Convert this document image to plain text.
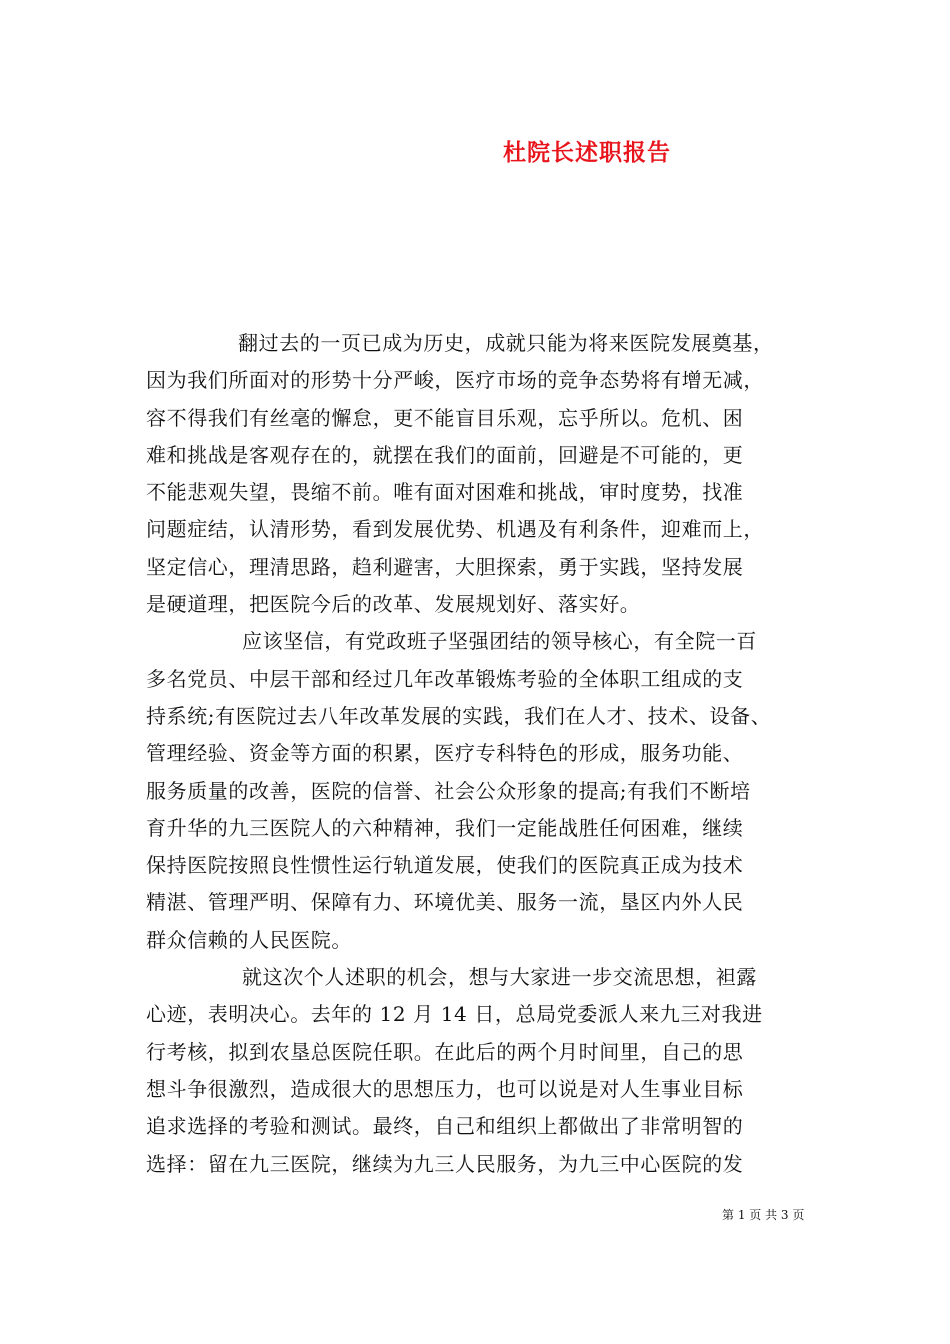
杜院长述职报告
翻过去的一页已成为历史，成就只能为将来医院发展奠基，
因为我们所面对的形势十分严峻，医疗市场的竞争态势将有增无减，
容不得我们有丝毫的懈怠，更不能盲目乐观，忘乎所以。危机、困
难和挑战是客观存在的，就摆在我们的面前，回避是不可能的，更
不能悲观失望，畏缩不前。唯有面对困难和挑战，审时度势，找准
问题症结，认清形势，看到发展优势、机遇及有利条件，迎难而上，
坚定信心，理清思路，趋利避害，大胆探索，勇于实践，坚持发展
是硬道理，把医院今后的改革、发展规划好、落实好。
应该坚信，有党政班子坚强团结的领导核心，有全院一百
多名党员、中层干部和经过几年改革锻炼考验的全体职工组成的支
持系统;有医院过去八年改革发展的实践，我们在人才、技术、设备、
管理经验、资金等方面的积累，医疗专科特色的形成，服务功能、
服务质量的改善，医院的信誉、社会公众形象的提高;有我们不断培
育升华的九三医院人的六种精神，我们一定能战胜任何困难，继续
保持医院按照良性惯性运行轨道发展，使我们的医院真正成为技术
精湛、管理严明、保障有力、环境优美、服务一流，垦区内外人民
群众信赖的人民医院。
就这次个人述职的机会，想与大家进一步交流思想，袒露
心迹，表明决心。去年的 12 月 14 日，总局党委派人来九三对我进
行考核，拟到农垦总医院任职。在此后的两个月时间里，自己的思
想斗争很激烈，造成很大的思想压力，也可以说是对人生事业目标
追求选择的考验和测试。最终，自己和组织上都做出了非常明智的
选择：留在九三医院，继续为九三人民服务，为九三中心医院的发
第 1 页 共 3 页
